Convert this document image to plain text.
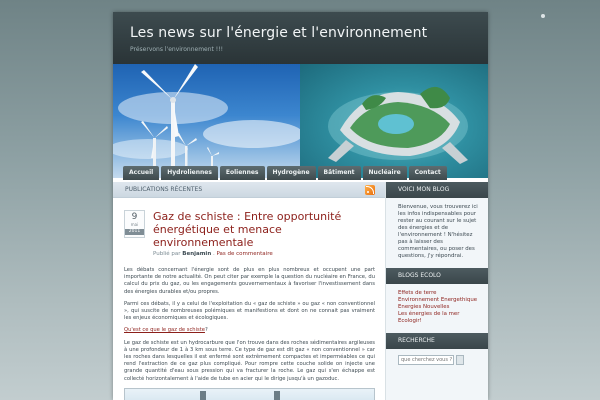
Les news sur l'énergie et l'environnement
Préservons l'environnement !!!
Accueil	Hydroliennes	Eoliennes	Hydrogène	Bâtiment	Nucléaire	Contact
PUBLICATIONS RÉCENTES
9
mai
2011
Gaz de schiste : Entre opportunité énergétique et menace environnementale
Publié par Benjamin . Pas de commentaire

Les débats concernant l'énergie sont de plus en plus nombreux et occupent une part importante de notre actualité. On peut citer par exemple la question du nucléaire en France, du calcul du prix du gaz, ou les engagements gouvernementaux à favoriser l'investissement dans des énergies durables et/ou propres.

Parmi ces débats, il y a celui de l'exploitation du « gaz de schiste » ou gaz « non conventionnel », qui suscite de nombreuses polémiques et manifestions et dont on ne connait pas vraiment les enjeux économiques et écologiques.

Qu'est ce que le gaz de schiste?

Le gaz de schiste est un hydrocarbure que l'on trouve dans des roches sédimentaires argileuses à une profondeur de 1 à 3 km sous terre. Ce type de gaz est dit gaz « non conventionnel » car les roches dans lesquelles il est enfermé sont extrêmement compactes et imperméables ce qui rend l'extraction de ce gaz plus compliqué. Pour rompre cette couche solide on injecte une grande quantité d'eau sous pression qui va fracturer la roche. Le gaz qui s'en échappe est collecté horizontalement à l'aide de tube en acier qui le dirige jusqu'à un gazoduc.

VOICI MON BLOG
Bienvenue, vous trouverez ici les infos indispensables pour rester au courant sur le sujet des énergies et de l'environnement ! N'hésitez pas à laisser des commentaires, ou poser des questions, j'y répondrai.
BLOGS ECOLO
Effets de terre
Environnement Energethique
Energies Nouvelles
Les énergies de la mer
Ecologir!
RECHERCHE
que cherchez vous ?
